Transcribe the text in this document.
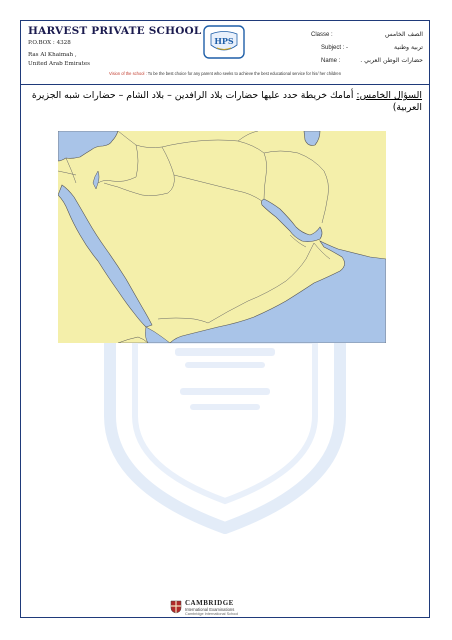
HARVEST PRIVATE SCHOOL
P.O.BOX : 4328
Ras Al Khaimah ,
United Arab Emirates
HPS
Classe :
Subject : -
Name :
الصف الخامس
تربية وطنية
حضارات الوطن العربي .
Vision of the school : To be the best choice for any parent who seeks to achieve the best educational service for his/ her children
السؤال الخامس: أمامك خريطة حدد عليها حضارات بلاد الرافدين – بلاد الشام – حضارات شبه الجزيرة العربية)
CAMBRIDGE
International Examinations
Cambridge International School
